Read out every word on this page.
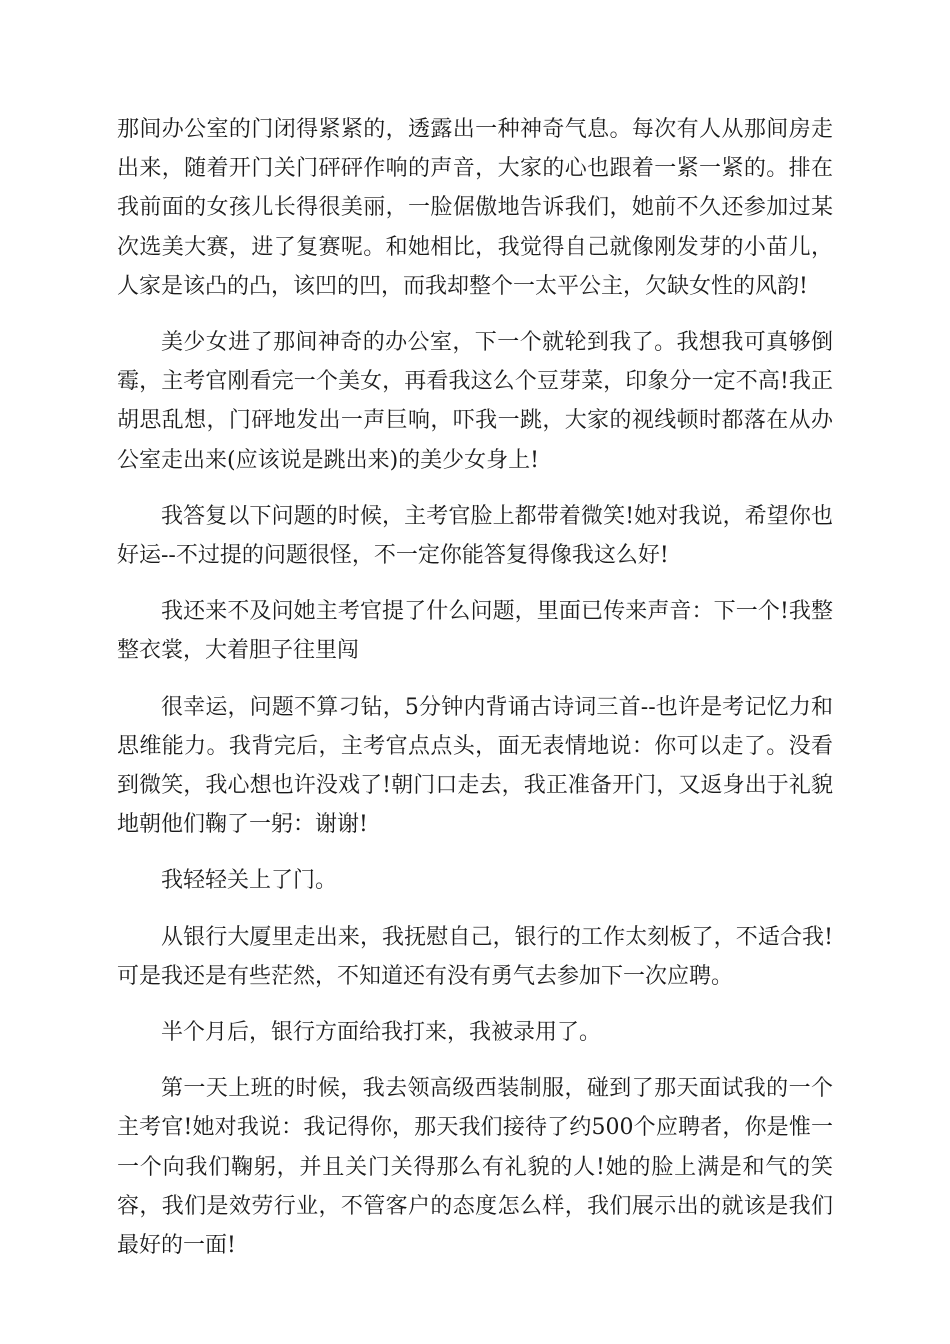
那间办公室的门闭得紧紧的，透露出一种神奇气息。每次有人从那间房走出来，随着开门关门砰砰作响的声音，大家的心也跟着一紧一紧的。排在我前面的女孩儿长得很美丽，一脸倨傲地告诉我们，她前不久还参加过某次选美大赛，进了复赛呢。和她相比，我觉得自己就像刚发芽的小苗儿，人家是该凸的凸，该凹的凹，而我却整个一太平公主，欠缺女性的风韵!

美少女进了那间神奇的办公室，下一个就轮到我了。我想我可真够倒霉，主考官刚看完一个美女，再看我这么个豆芽菜，印象分一定不高!我正胡思乱想，门砰地发出一声巨响，吓我一跳，大家的视线顿时都落在从办公室走出来(应该说是跳出来)的美少女身上!

我答复以下问题的时候，主考官脸上都带着微笑!她对我说，希望你也好运--不过提的问题很怪，不一定你能答复得像我这么好!

我还来不及问她主考官提了什么问题，里面已传来声音：下一个!我整整衣裳，大着胆子往里闯

很幸运，问题不算刁钻，5分钟内背诵古诗词三首--也许是考记忆力和思维能力。我背完后，主考官点点头，面无表情地说：你可以走了。没看到微笑，我心想也许没戏了!朝门口走去，我正准备开门，又返身出于礼貌地朝他们鞠了一躬：谢谢!

我轻轻关上了门。

从银行大厦里走出来，我抚慰自己，银行的工作太刻板了，不适合我!可是我还是有些茫然，不知道还有没有勇气去参加下一次应聘。

半个月后，银行方面给我打来，我被录用了。

第一天上班的时候，我去领高级西装制服，碰到了那天面试我的一个主考官!她对我说：我记得你，那天我们接待了约500个应聘者，你是惟一一个向我们鞠躬，并且关门关得那么有礼貌的人!她的脸上满是和气的笑容，我们是效劳行业，不管客户的态度怎么样，我们展示出的就该是我们最好的一面!
